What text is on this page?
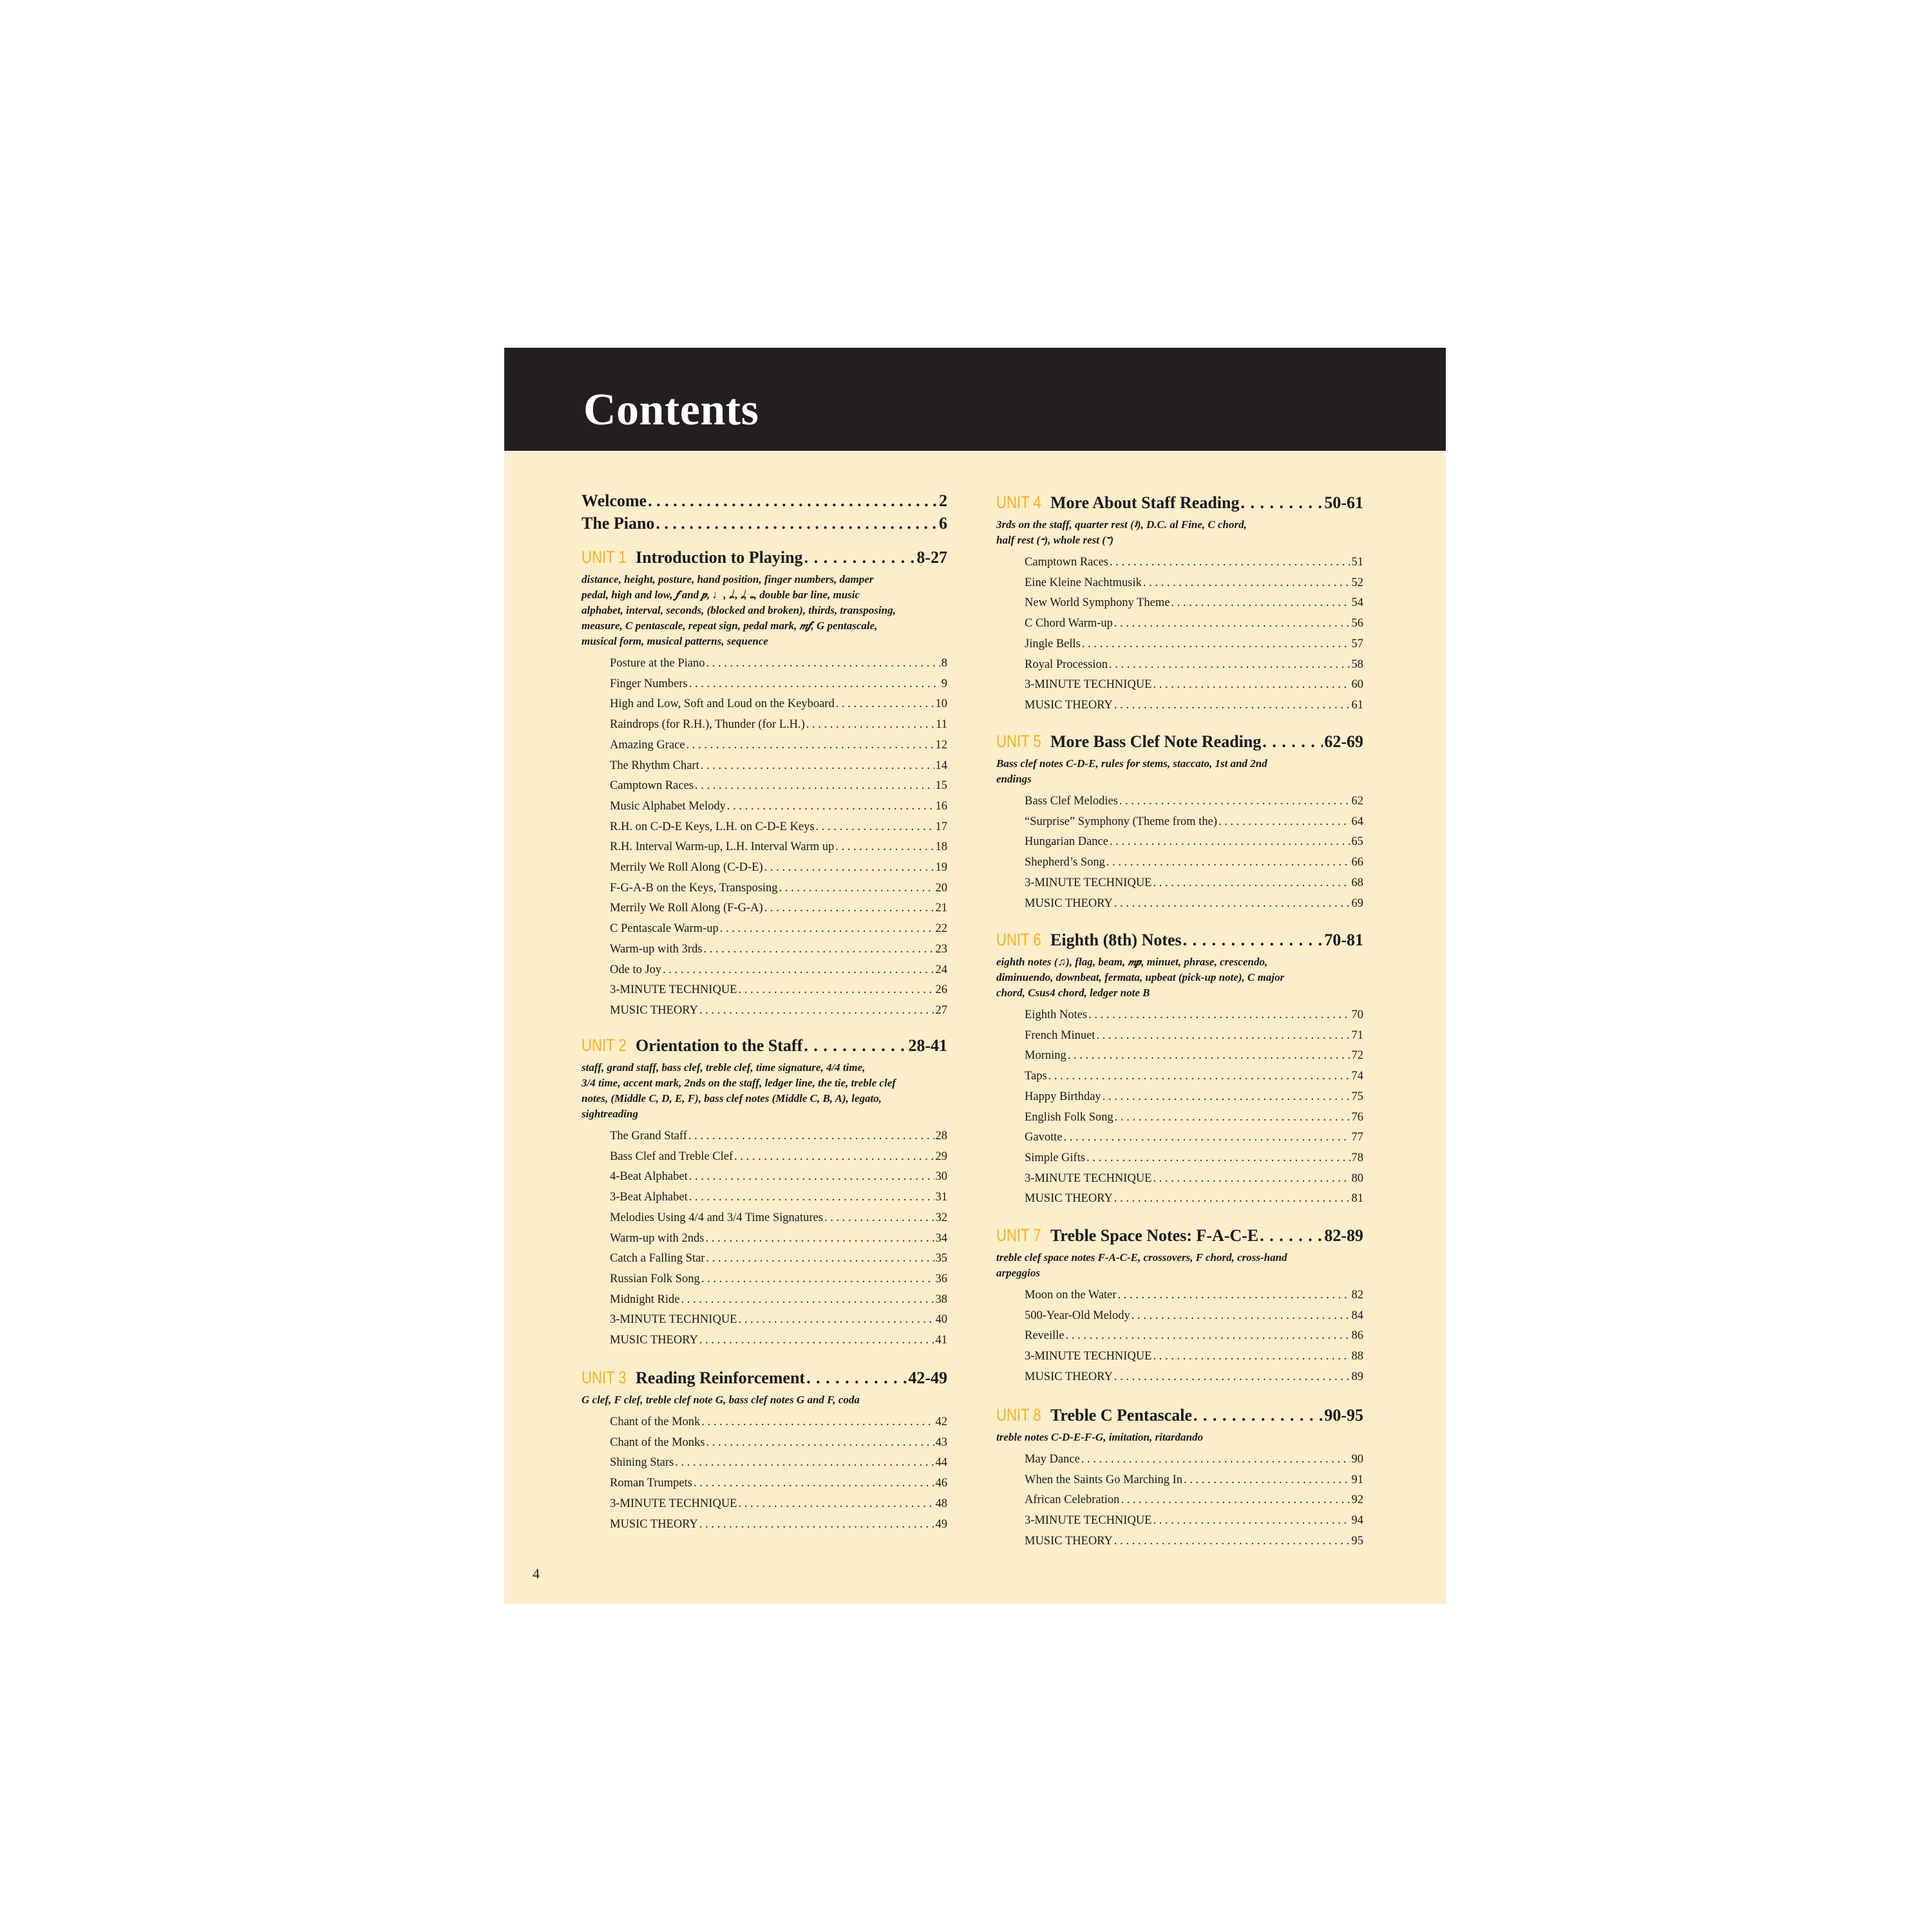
Contents
Welcome . . .	2
The Piano . . .	6
UNIT 1 Introduction to Playing . . .	8-27
distance, height, posture, hand position, finger numbers, damper
pedal, high and low, 𝆑 and 𝆏, ♩, 𝅗𝅥., 𝅗𝅥, 𝅝, double bar line, music
alphabet, interval, seconds, (blocked and broken), thirds, transposing,
measure, C pentascale, repeat sign, pedal mark, 𝆐𝆑, G pentascale,
musical form, musical patterns, sequence
Posture at the Piano . . .	8
Finger Numbers . . .	9
High and Low, Soft and Loud on the Keyboard . . .	10
Raindrops (for R.H.), Thunder (for L.H.) . . .	11
Amazing Grace . . .	12
The Rhythm Chart . . .	14
Camptown Races . . .	15
Music Alphabet Melody . . .	16
R.H. on C-D-E Keys, L.H. on C-D-E Keys . . .	17
R.H. Interval Warm-up, L.H. Interval Warm up . . .	18
Merrily We Roll Along (C-D-E) . . .	19
F-G-A-B on the Keys, Transposing . . .	20
Merrily We Roll Along (F-G-A) . . .	21
C Pentascale Warm-up . . .	22
Warm-up with 3rds . . .	23
Ode to Joy . . .	24
3-MINUTE TECHNIQUE . . .	26
MUSIC THEORY . . .	27
UNIT 2 Orientation to the Staff . . .	28-41
staff, grand staff, bass clef, treble clef, time signature, 4/4 time,
3/4 time, accent mark, 2nds on the staff, ledger line, the tie, treble clef
notes, (Middle C, D, E, F), bass clef notes (Middle C, B, A), legato,
sightreading
The Grand Staff . . .	28
Bass Clef and Treble Clef . . .	29
4-Beat Alphabet . . .	30
3-Beat Alphabet . . .	31
Melodies Using 4/4 and 3/4 Time Signatures . . .	32
Warm-up with 2nds . . .	34
Catch a Falling Star . . .	35
Russian Folk Song . . .	36
Midnight Ride . . .	38
3-MINUTE TECHNIQUE . . .	40
MUSIC THEORY . . .	41
UNIT 3 Reading Reinforcement . . .	42-49
G clef, F clef, treble clef note G, bass clef notes G and F, coda
Chant of the Monk . . .	42
Chant of the Monks . . .	43
Shining Stars . . .	44
Roman Trumpets . . .	46
3-MINUTE TECHNIQUE . . .	48
MUSIC THEORY . . .	49
UNIT 4 More About Staff Reading . . .	50-61
3rds on the staff, quarter rest (𝄽), D.C. al Fine, C chord,
half rest (𝄼), whole rest (𝄻)
Camptown Races . . .	51
Eine Kleine Nachtmusik . . .	52
New World Symphony Theme . . .	54
C Chord Warm-up . . .	56
Jingle Bells . . .	57
Royal Procession . . .	58
3-MINUTE TECHNIQUE . . .	60
MUSIC THEORY . . .	61
UNIT 5 More Bass Clef Note Reading . . .	62-69
Bass clef notes C-D-E, rules for stems, staccato, 1st and 2nd
endings
Bass Clef Melodies . . .	62
“Surprise” Symphony (Theme from the) . . .	64
Hungarian Dance . . .	65
Shepherd’s Song . . .	66
3-MINUTE TECHNIQUE . . .	68
MUSIC THEORY . . .	69
UNIT 6 Eighth (8th) Notes . . .	70-81
eighth notes (♫), flag, beam, 𝆐𝆏, minuet, phrase, crescendo,
diminuendo, downbeat, fermata, upbeat (pick-up note), C major
chord, Csus4 chord, ledger note B
Eighth Notes . . .	70
French Minuet . . .	71
Morning . . .	72
Taps . . .	74
Happy Birthday . . .	75
English Folk Song . . .	76
Gavotte . . .	77
Simple Gifts . . .	78
3-MINUTE TECHNIQUE . . .	80
MUSIC THEORY . . .	81
UNIT 7 Treble Space Notes: F-A-C-E . . .	82-89
treble clef space notes F-A-C-E, crossovers, F chord, cross-hand
arpeggios
Moon on the Water . . .	82
500-Year-Old Melody . . .	84
Reveille . . .	86
3-MINUTE TECHNIQUE . . .	88
MUSIC THEORY . . .	89
UNIT 8 Treble C Pentascale . . .	90-95
treble notes C-D-E-F-G, imitation, ritardando
May Dance . . .	90
When the Saints Go Marching In . . .	91
African Celebration . . .	92
3-MINUTE TECHNIQUE . . .	94
MUSIC THEORY . . .	95
4
